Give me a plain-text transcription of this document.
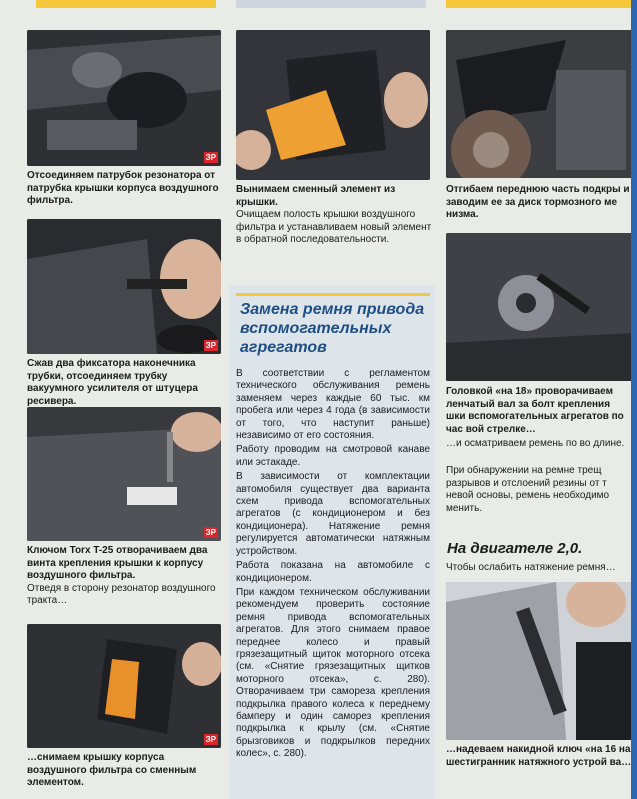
ЗР
Отсоединяем патрубок резонатора от патрубка крышки корпуса воздушного фильтра.
ЗР
Сжав два фиксатора наконечника трубки, отсоединяем трубку вакуумного усилителя от штуцера ресивера.
ЗР
Ключом Torx T-25 отворачиваем два винта крепления крышки к корпусу воздушного фильтра.
Отведя в сторону резонатор воздушного тракта…
ЗР
…снимаем крышку корпуса воздушного фильтра со сменным элементом.
Вынимаем сменный элемент из крышки.
Очищаем полость крышки воздушного фильтра и устанавливаем новый элемент в обратной последовательности.
Замена ремня привода вспомогательных агрегатов

В соответствии с регламентом технического обслуживания ремень заменяем через каждые 60 тыс. км пробега или через 4 года (в зависимости от того, что наступит раньше) независимо от его состояния.

Работу проводим на смотровой канаве или эстакаде.

В зависимости от комплектации автомобиля существует два варианта схем привода вспомогательных агрегатов (с кондиционером и без кондиционера). Натяжение ремня регулируется автоматически натяжным устройством.

Работа показана на автомобиле с кондиционером.

При каждом техническом обслуживании рекомендуем проверить состояние ремня привода вспомогательных агрегатов. Для этого снимаем правое переднее колесо и правый грязезащитный щиток моторного отсека (см. «Снятие грязезащитных щитков моторного отсека», с. 280). Отворачиваем три самореза крепления подкрылка правого колеса к переднему бамперу и один саморез крепления подкрылка к крылу (см. «Снятие брызговиков и подкрылков передних колес», с. 280).

Отгибаем переднюю часть подкры и заводим ее за диск тормозного ме низма.
Головкой «на 18» проворачиваем ленчатый вал за болт крепления шки вспомогательных агрегатов по час вой стрелке…
…и осматриваем ремень по во длине.
При обнаружении на ремне трещ разрывов и отслоений резины от т невой основы, ремень необходимо менить.
На двигателе 2,0.
Чтобы ослабить натяжение ремня…
…надеваем накидной ключ «на 16 на шестигранник натяжного устрой ва…
